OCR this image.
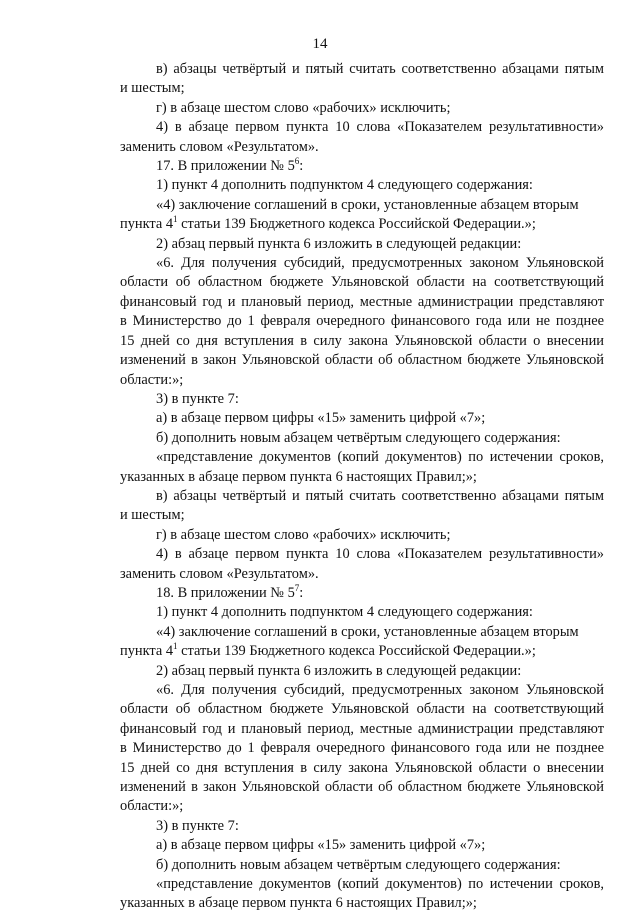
14
в) абзацы четвёртый и пятый считать соответственно абзацами пятым
и шестым;
г) в абзаце шестом слово «рабочих» исключить;
4) в абзаце первом пункта 10 слова «Показателем результативности»
заменить словом «Результатом».
17. В приложении № $5^6$:
1) пункт 4 дополнить подпунктом 4 следующего содержания:
«4) заключение соглашений в сроки, установленные абзацем вторым
пункта $4^1$ статьи 139 Бюджетного кодекса Российской Федерации.»;
2) абзац первый пункта 6 изложить в следующей редакции:
«6. Для получения субсидий, предусмотренных законом Ульяновской
области об областном бюджете Ульяновской области на соответствующий
финансовый год и плановый период, местные администрации представляют
в Министерство до 1 февраля очередного финансового года или не позднее
15 дней со дня вступления в силу закона Ульяновской области о внесении
изменений в закон Ульяновской области об областном бюджете Ульяновской
области:»;
3) в пункте 7:
а) в абзаце первом цифры «15» заменить цифрой «7»;
б) дополнить новым абзацем четвёртым следующего содержания:
«представление документов (копий документов) по истечении сроков,
указанных в абзаце первом пункта 6 настоящих Правил;»;
в) абзацы четвёртый и пятый считать соответственно абзацами пятым
и шестым;
г) в абзаце шестом слово «рабочих» исключить;
4) в абзаце первом пункта 10 слова «Показателем результативности»
заменить словом «Результатом».
18. В приложении № $5^7$:
1) пункт 4 дополнить подпунктом 4 следующего содержания:
«4) заключение соглашений в сроки, установленные абзацем вторым
пункта $4^1$ статьи 139 Бюджетного кодекса Российской Федерации.»;
2) абзац первый пункта 6 изложить в следующей редакции:
«6. Для получения субсидий, предусмотренных законом Ульяновской
области об областном бюджете Ульяновской области на соответствующий
финансовый год и плановый период, местные администрации представляют
в Министерство до 1 февраля очередного финансового года или не позднее
15 дней со дня вступления в силу закона Ульяновской области о внесении
изменений в закон Ульяновской области об областном бюджете Ульяновской
области:»;
3) в пункте 7:
а) в абзаце первом цифры «15» заменить цифрой «7»;
б) дополнить новым абзацем четвёртым следующего содержания:
«представление документов (копий документов) по истечении сроков,
указанных в абзаце первом пункта 6 настоящих Правил;»;
